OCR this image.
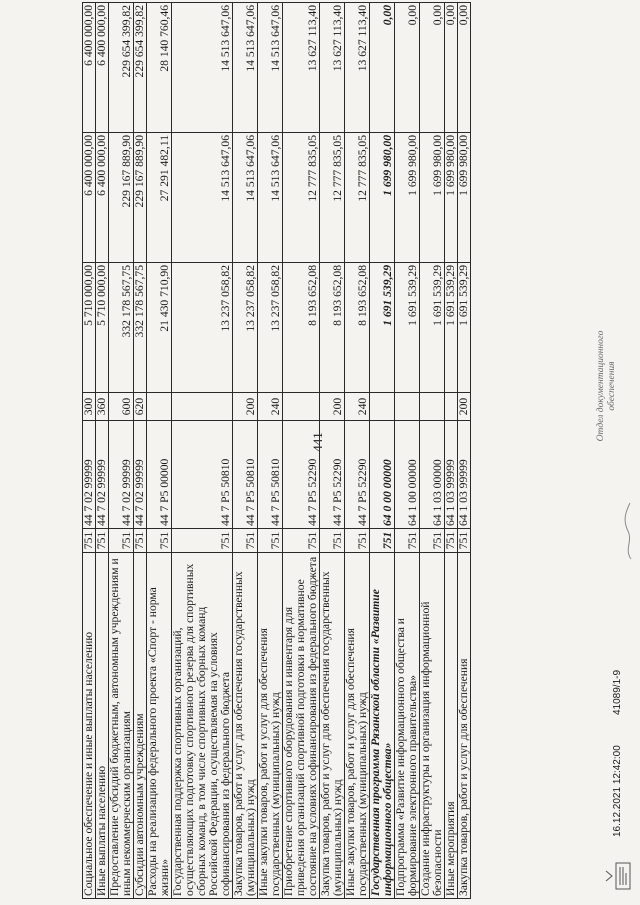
441
Социальное обеспечение и иные выплаты населению	751	44 7 02 99999	300	5 710 000,00	6 400 000,00	6 400 000,00
Иные выплаты населению	751	44 7 02 99999	360	5 710 000,00	6 400 000,00	6 400 000,00
Предоставление субсидий бюджетным, автономным учреждениям и иным некоммерческим организациям	751	44 7 02 99999	600	332 178 567,75	229 167 889,90	229 654 399,82
Субсидии автономным учреждениям	751	44 7 02 99999	620	332 178 567,75	229 167 889,90	229 654 399,82
Расходы на реализацию федерального проекта «Спорт - норма жизни»	751	44 7 P5 00000		21 430 710,90	27 291 482,11	28 140 760,46
Государственная поддержка спортивных организаций, осуществляющих подготовку спортивного резерва для спортивных сборных команд, в том числе спортивных сборных команд Российской Федерации, осуществляемая на условиях софинансирования из федерального бюджета	751	44 7 P5 50810		13 237 058,82	14 513 647,06	14 513 647,06
Закупка товаров, работ и услуг для обеспечения государственных (муниципальных) нужд	751	44 7 P5 50810	200	13 237 058,82	14 513 647,06	14 513 647,06
Иные закупки товаров, работ и услуг для обеспечения государственных (муниципальных) нужд	751	44 7 P5 50810	240	13 237 058,82	14 513 647,06	14 513 647,06
Приобретение спортивного оборудования и инвентаря для приведения организаций спортивной подготовки в нормативное состояние на условиях софинансирования из федерального бюджета	751	44 7 P5 52290		8 193 652,08	12 777 835,05	13 627 113,40
Закупка товаров, работ и услуг для обеспечения государственных (муниципальных) нужд	751	44 7 P5 52290	200	8 193 652,08	12 777 835,05	13 627 113,40
Иные закупки товаров, работ и услуг для обеспечения государственных (муниципальных) нужд	751	44 7 P5 52290	240	8 193 652,08	12 777 835,05	13 627 113,40
Государственная программа Рязанской области «Развитие информационного общества»	751	64 0 00 00000		1 691 539,29	1 699 980,00	0,00
Подпрограмма «Развитие информационного общества и формирование электронного правительства»	751	64 1 00 00000		1 691 539,29	1 699 980,00	0,00
Создание инфраструктуры и организация информационной безопасности	751	64 1 03 00000		1 691 539,29	1 699 980,00	0,00
Иные мероприятия	751	64 1 03 99999		1 691 539,29	1 699 980,00	0,00
Закупка товаров, работ и услуг для обеспечения	751	64 1 03 99999	200	1 691 539,29	1 699 980,00	0,00
16.12.2021 12:42:00
41089/1-9
Отдел документационного обеспечения
